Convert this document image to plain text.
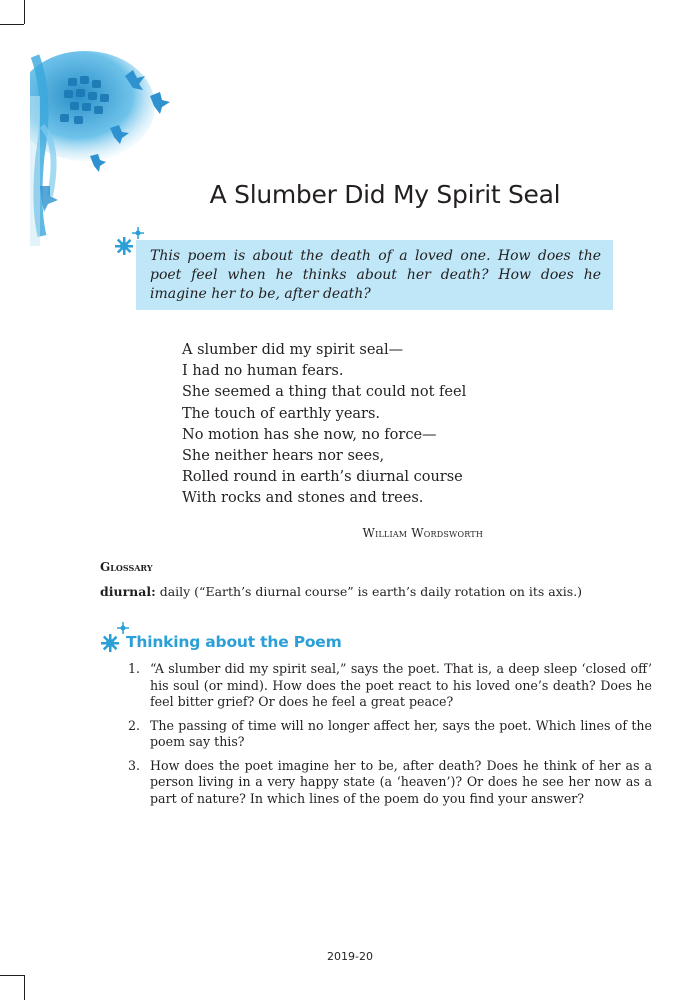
A Slumber Did My Spirit Seal

This poem is about the death of a loved one. How does the poet feel when he thinks about her death? How does he imagine her to be, after death?

A slumber did my spirit seal—
I had no human fears.
She seemed a thing that could not feel
The touch of earthly years.
No motion has she now, no force—
She neither hears nor sees,
Rolled round in earth’s diurnal course
With rocks and stones and trees.
William Wordsworth
Glossary
diurnal: daily (“Earth’s diurnal course” is earth’s daily rotation on its axis.)
Thinking about the Poem
1. “A slumber did my spirit seal,” says the poet. That is, a deep sleep ‘closed off’ his soul (or mind). How does the poet react to his loved one’s death? Does he feel bitter grief? Or does he feel a great peace?
2. The passing of time will no longer affect her, says the poet. Which lines of the poem say this?
3. How does the poet imagine her to be, after death? Does he think of her as a person living in a very happy state (a ‘heaven’)? Or does he see her now as a part of nature? In which lines of the poem do you find your answer?
2019-20
